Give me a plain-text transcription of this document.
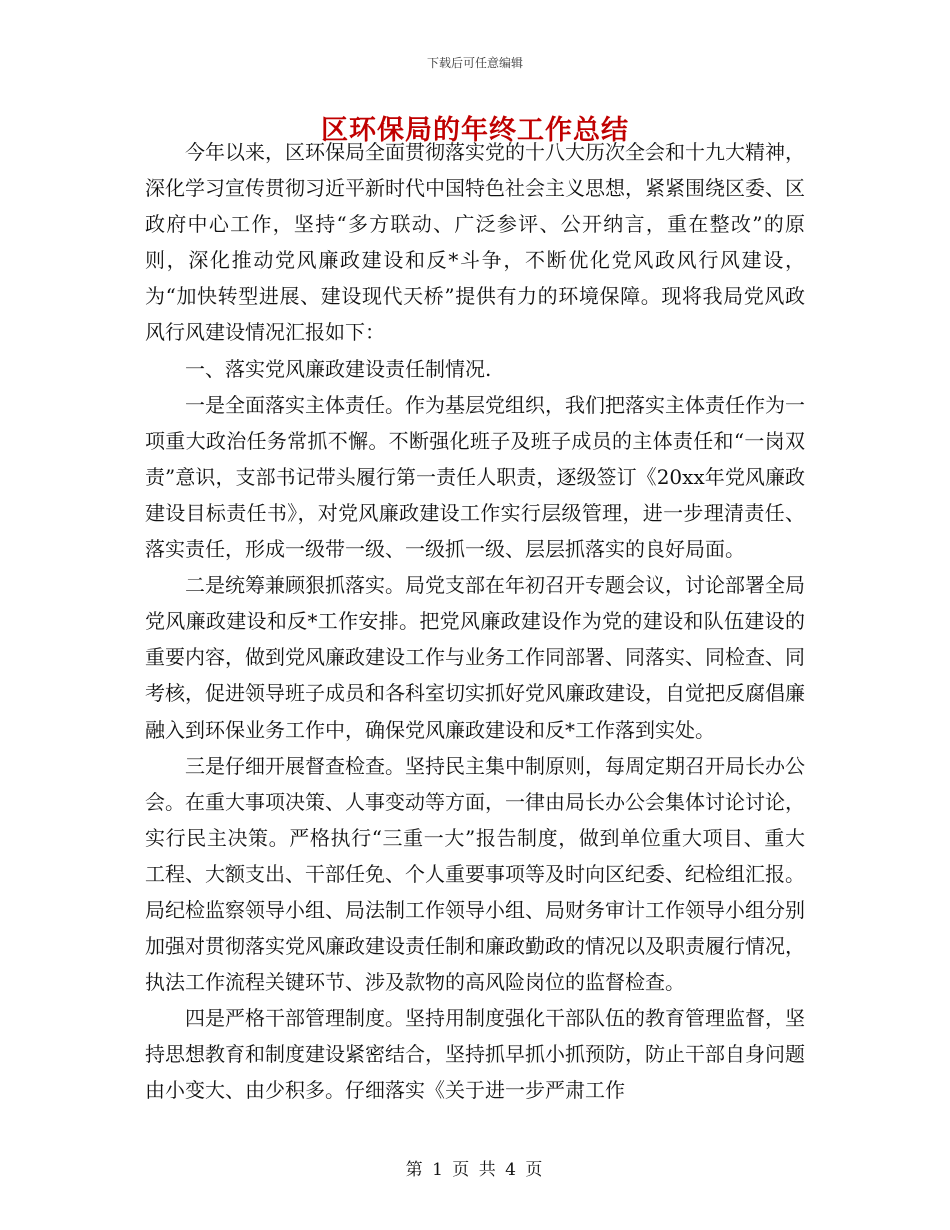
下载后可任意编辑
区环保局的年终工作总结

今年以来，区环保局全面贯彻落实党的十八大历次全会和十九大精神，深化学习宣传贯彻习近平新时代中国特色社会主义思想，紧紧围绕区委、区政府中心工作，坚持“多方联动、广泛参评、公开纳言，重在整改”的原则，深化推动党风廉政建设和反*斗争，不断优化党风政风行风建设，为“加快转型进展、建设现代天桥”提供有力的环境保障。现将我局党风政风行风建设情况汇报如下：

一、落实党风廉政建设责任制情况.

一是全面落实主体责任。作为基层党组织，我们把落实主体责任作为一项重大政治任务常抓不懈。不断强化班子及班子成员的主体责任和“一岗双责”意识，支部书记带头履行第一责任人职责，逐级签订《20xx年党风廉政建设目标责任书》，对党风廉政建设工作实行层级管理，进一步理清责任、落实责任，形成一级带一级、一级抓一级、层层抓落实的良好局面。

二是统筹兼顾狠抓落实。局党支部在年初召开专题会议，讨论部署全局党风廉政建设和反*工作安排。把党风廉政建设作为党的建设和队伍建设的重要内容，做到党风廉政建设工作与业务工作同部署、同落实、同检查、同考核，促进领导班子成员和各科室切实抓好党风廉政建设，自觉把反腐倡廉融入到环保业务工作中，确保党风廉政建设和反*工作落到实处。

三是仔细开展督查检查。坚持民主集中制原则，每周定期召开局长办公会。在重大事项决策、人事变动等方面，一律由局长办公会集体讨论讨论，实行民主决策。严格执行“三重一大”报告制度，做到单位重大项目、重大工程、大额支出、干部任免、个人重要事项等及时向区纪委、纪检组汇报。局纪检监察领导小组、局法制工作领导小组、局财务审计工作领导小组分别加强对贯彻落实党风廉政建设责任制和廉政勤政的情况以及职责履行情况，执法工作流程关键环节、涉及款物的高风险岗位的监督检查。

四是严格干部管理制度。坚持用制度强化干部队伍的教育管理监督，坚持思想教育和制度建设紧密结合，坚持抓早抓小抓预防，防止干部自身问题由小变大、由少积多。仔细落实《关于进一步严肃工作

第 1 页 共 4 页
